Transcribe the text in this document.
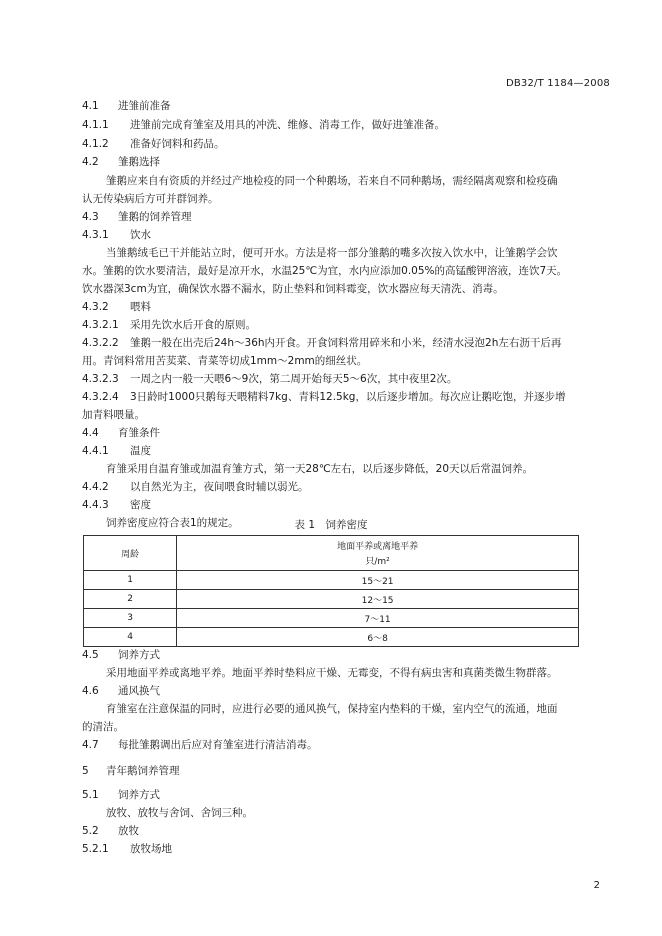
DB32/T 1184—2008
4.1 进雏前准备
4.1.1 进雏前完成育雏室及用具的冲洗、维修、消毒工作，做好进雏准备。
4.1.2 准备好饲料和药品。
4.2 雏鹅选择
雏鹅应来自有资质的并经过产地检疫的同一个种鹅场，若来自不同种鹅场，需经隔离观察和检疫确
认无传染病后方可并群饲养。
4.3 雏鹅的饲养管理
4.3.1 饮水
当雏鹅绒毛已干并能站立时，便可开水。方法是将一部分雏鹅的嘴多次按入饮水中，让雏鹅学会饮
水。雏鹅的饮水要清洁，最好是凉开水，水温25℃为宜，水内应添加0.05%的高锰酸钾溶液，连饮7天。
饮水器深3cm为宜，确保饮水器不漏水，防止垫料和饲料霉变，饮水器应每天清洗、消毒。
4.3.2 喂料
4.3.2.1 采用先饮水后开食的原则。
4.3.2.2 雏鹅一般在出壳后24h～36h内开食。开食饲料常用碎米和小米，经清水浸泡2h左右沥干后再
用。青饲料常用苦荬菜、青菜等切成1mm～2mm的细丝状。
4.3.2.3 一周之内一般一天喂6～9次，第二周开始每天5～6次，其中夜里2次。
4.3.2.4 3日龄时1000只鹅每天喂精料7kg、青料12.5kg，以后逐步增加。每次应让鹅吃饱，并逐步增
加青料喂量。
4.4 育雏条件
4.4.1 温度
育雏采用自温育雏或加温育雏方式，第一天28℃左右，以后逐步降低，20天以后常温饲养。
4.4.2 以自然光为主，夜间喂食时辅以弱光。
4.4.3 密度
饲养密度应符合表1的规定。	表 1　饲养密度
周龄	地面平养或离地平养
只/m²

1	15～21
2	12～15
3	7～11
4	6～8
4.5 饲养方式
采用地面平养或离地平养。地面平养时垫料应干燥、无霉变，不得有病虫害和真菌类微生物群落。
4.6 通风换气
育雏室在注意保温的同时，应进行必要的通风换气，保持室内垫料的干燥，室内空气的流通，地面
的清洁。
4.7 每批雏鹅调出后应对育雏室进行清洁消毒。
5 青年鹅饲养管理
5.1 饲养方式
放牧、放牧与舍饲、舍饲三种。
5.2 放牧
5.2.1 放牧场地
2
